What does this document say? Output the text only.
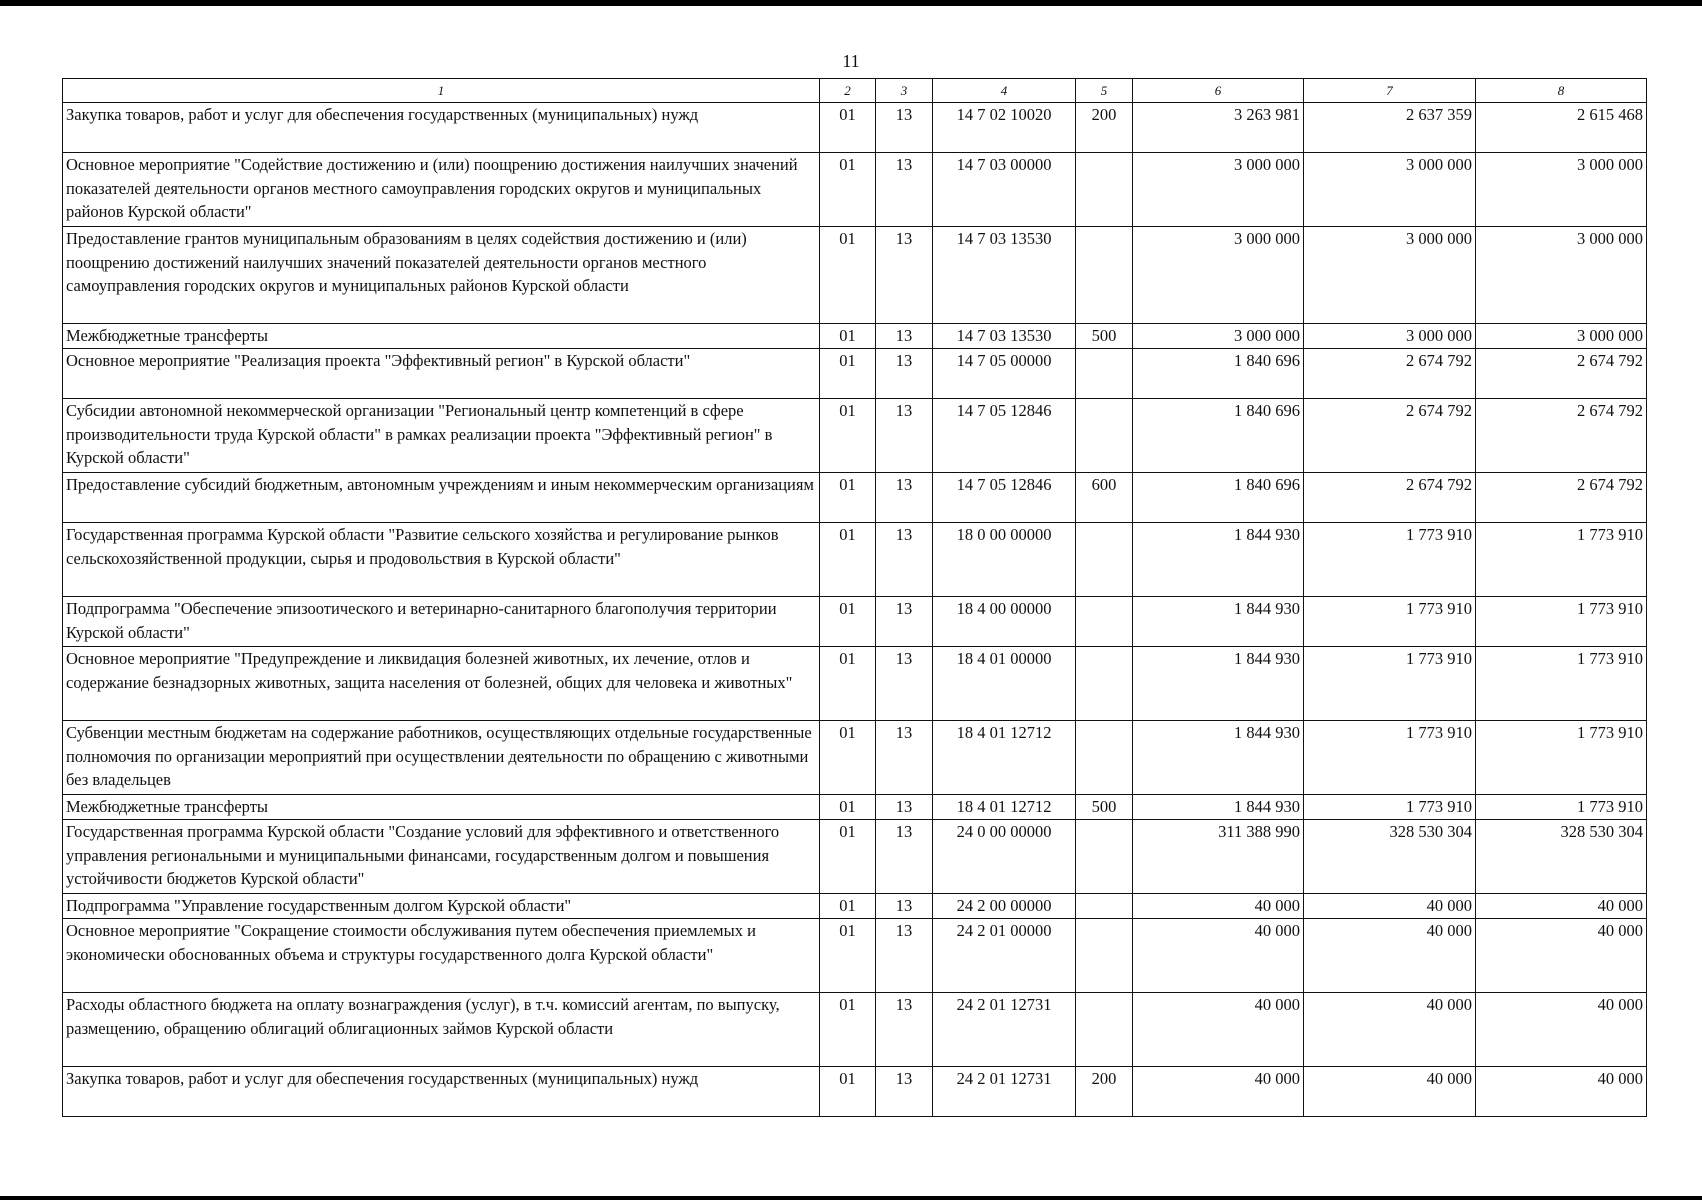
11
1	2	3	4	5	6	7	8
Закупка товаров, работ и услуг для обеспечения государственных (муниципальных) нужд	01	13	14 7 02 10020	200	3 263 981	2 637 359	2 615 468
Основное мероприятие "Содействие достижению и (или) поощрению достижения наилучших значений показателей деятельности органов местного самоуправления городских округов и муниципальных районов Курской области"	01	13	14 7 03 00000		3 000 000	3 000 000	3 000 000
Предоставление грантов муниципальным образованиям в целях содействия достижению и (или) поощрению достижений наилучших значений показателей деятельности органов местного самоуправления городских округов и муниципальных районов Курской области	01	13	14 7 03 13530		3 000 000	3 000 000	3 000 000
Межбюджетные трансферты	01	13	14 7 03 13530	500	3 000 000	3 000 000	3 000 000
Основное мероприятие "Реализация проекта "Эффективный регион" в Курской области"	01	13	14 7 05 00000		1 840 696	2 674 792	2 674 792
Субсидии автономной некоммерческой организации "Региональный центр компетенций в сфере производительности труда Курской области" в рамках реализации проекта "Эффективный регион" в Курской области"	01	13	14 7 05 12846		1 840 696	2 674 792	2 674 792
Предоставление субсидий бюджетным, автономным учреждениям и иным некоммерческим организациям	01	13	14 7 05 12846	600	1 840 696	2 674 792	2 674 792
Государственная программа Курской области "Развитие сельского хозяйства и регулирование рынков сельскохозяйственной продукции, сырья и продовольствия в Курской области"	01	13	18 0 00 00000		1 844 930	1 773 910	1 773 910
Подпрограмма "Обеспечение эпизоотического и ветеринарно-санитарного благополучия территории Курской области"	01	13	18 4 00 00000		1 844 930	1 773 910	1 773 910
Основное мероприятие "Предупреждение и ликвидация болезней животных, их лечение, отлов и содержание безнадзорных животных, защита населения от болезней, общих для человека и животных"	01	13	18 4 01 00000		1 844 930	1 773 910	1 773 910
Субвенции местным бюджетам на содержание работников, осуществляющих отдельные государственные полномочия по организации мероприятий при осуществлении деятельности по обращению с животными без владельцев	01	13	18 4 01 12712		1 844 930	1 773 910	1 773 910
Межбюджетные трансферты	01	13	18 4 01 12712	500	1 844 930	1 773 910	1 773 910
Государственная программа Курской области "Создание условий для эффективного и ответственного управления региональными и муниципальными финансами, государственным долгом и повышения устойчивости бюджетов Курской области"	01	13	24 0 00 00000		311 388 990	328 530 304	328 530 304
Подпрограмма "Управление государственным долгом Курской области"	01	13	24 2 00 00000		40 000	40 000	40 000
Основное мероприятие "Сокращение стоимости обслуживания путем обеспечения приемлемых и экономически обоснованных объема и структуры государственного долга Курской области"	01	13	24 2 01 00000		40 000	40 000	40 000
Расходы областного бюджета на оплату вознаграждения (услуг), в т.ч. комиссий агентам, по выпуску, размещению, обращению облигаций облигационных займов Курской области	01	13	24 2 01 12731		40 000	40 000	40 000
Закупка товаров, работ и услуг для обеспечения государственных (муниципальных) нужд	01	13	24 2 01 12731	200	40 000	40 000	40 000
